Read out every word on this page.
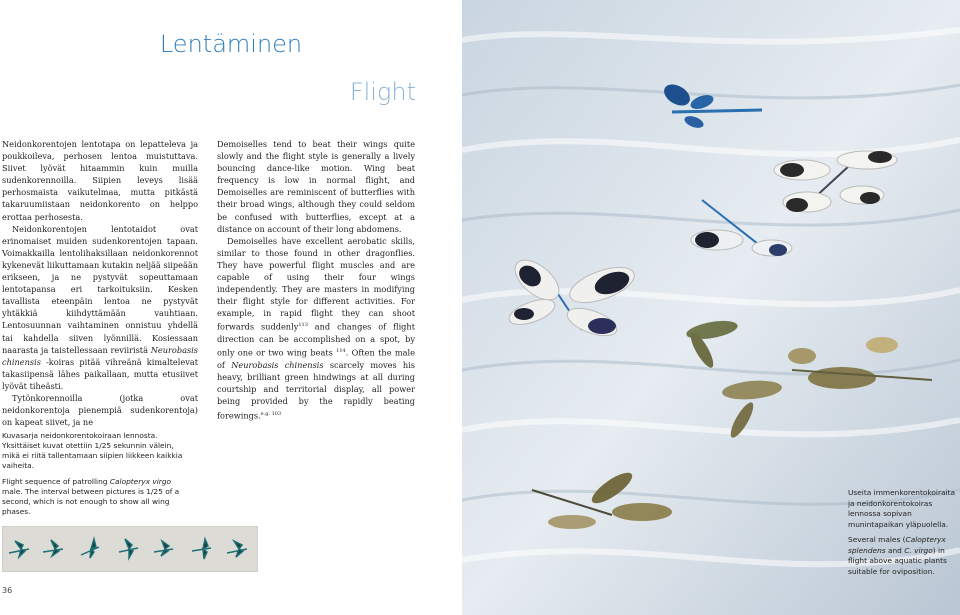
Lentäminen
Flight

Neidonkorentojen lentotapa on lepatteleva ja poukkoileva, perhosen lentoa muistuttava. Siivet lyövät hitaammin kuin muilla sudenkorennoilla. Siipien leveys lisää perhosmaista vaikutelmaa, mutta pitkästä takaruumiistaan neidonkorento on helppo erottaa perhosesta.

Neidonkorentojen lentotaidot ovat erinomaiset muiden sudenkorentojen tapaan. Voimakkailla lentolihaksillaan neidonkorennot kykenevät liikuttamaan kutakin neljää siipeään erikseen, ja ne pystyvät sopeuttamaan lentotapansa eri tarkoituksiin. Kesken tavallista eteenpäin lentoa ne pystyvät yhtäkkiä kiihdyttämään vauhtiaan. Lentosuunnan vaihtaminen onnistuu yhdellä tai kahdella siiven lyönnillä. Kosiessaan naarasta ja taistellessaan reviiristä Neurobasis chinensis -koiras pitää vihreänä kimaltelevat takasiipensä lähes paikallaan, mutta etusiivet lyövät tiheästi.

Tytönkorennoilla (jotka ovat neidonkorentoja pienempiä sudenkorentoja) on kapeat siivet, ja ne

Demoiselles tend to beat their wings quite slowly and the flight style is generally a lively bouncing dance-like motion. Wing beat frequency is low in normal flight, and Demoiselles are reminiscent of butterflies with their broad wings, although they could seldom be confused with butterflies, except at a distance on account of their long abdomens.

Demoiselles have excellent aerobatic skills, similar to those found in other dragonflies. They have powerful flight muscles and are capable of using their four wings independently. They are masters in modifying their flight style for different activities. For example, in rapid flight they can shoot forwards suddenly$^{113}$ and changes of flight direction can be accomplished on a spot, by only one or two wing beats $^{114}$. Often the male of Neurobasis chinensis scarcely moves his heavy, brilliant green hindwings at all during courtship and territorial display, all power being provided by the rapidly beating forewings.$^{e.g. 103}$

Kuvasarja neidonkorentokoiraan lennosta. Yksittäiset kuvat otettiin 1/25 sekunnin välein, mikä ei riitä tallentamaan siipien liikkeen kaikkia vaiheita.
Flight sequence of patrolling Calopteryx virgo male. The interval between pictures is 1/25 of a second, which is not enough to show all wing phases.
36
Useita immenkorentokoiraita ja neidonkorentokoiras lennossa sopivan munintapaikan yläpuolella.
Several males (Calopteryx splendens and C. virgo) in flight above aquatic plants suitable for oviposition.
